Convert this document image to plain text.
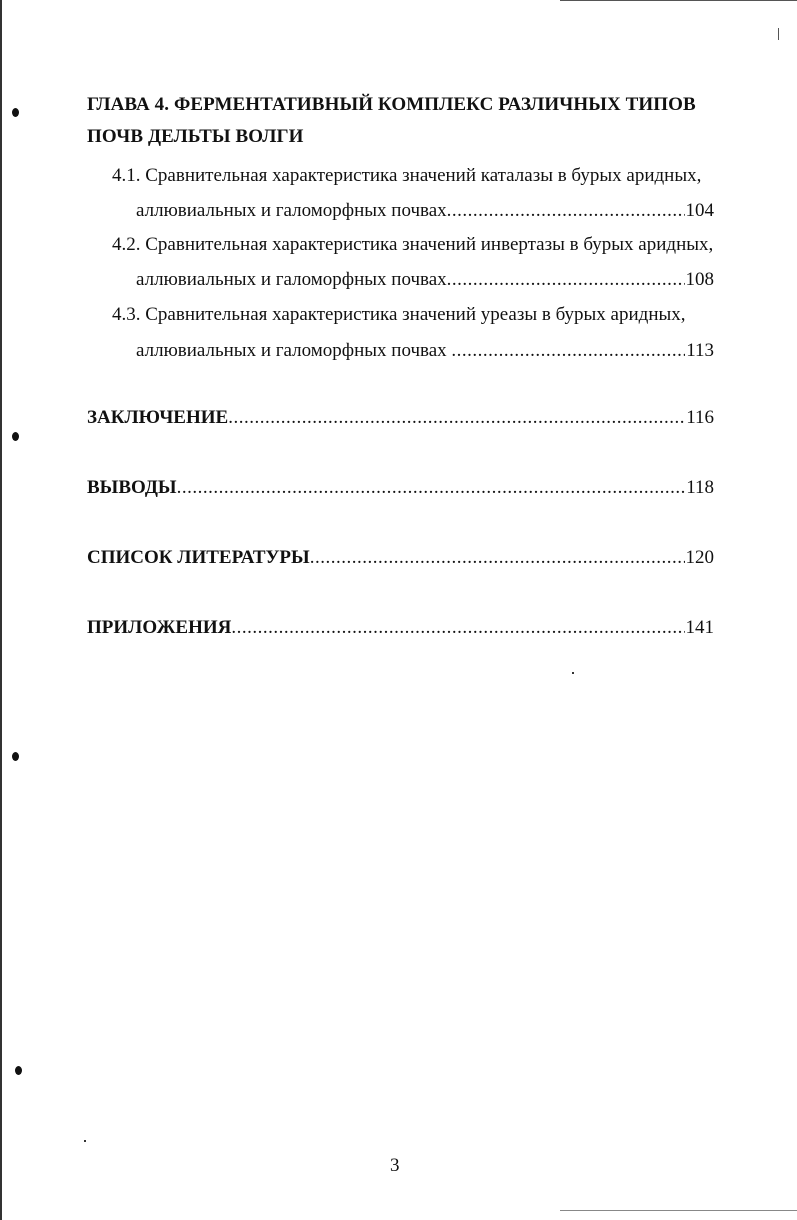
ГЛАВА 4. ФЕРМЕНТАТИВНЫЙ КОМПЛЕКС РАЗЛИЧНЫХ ТИПОВ
ПОЧВ ДЕЛЬТЫ ВОЛГИ
4.1. Сравнительная характеристика значений каталазы в бурых аридных,
аллювиальных и галоморфных почвах .....	104
4.2. Сравнительная характеристика значений инвертазы в бурых аридных,
аллювиальных и галоморфных почвах .....	108
4.3. Сравнительная характеристика значений уреазы в бурых аридных,
аллювиальных и галоморфных почвах .....	113
ЗАКЛЮЧЕНИЕ .....	116
ВЫВОДЫ .....	118
СПИСОК ЛИТЕРАТУРЫ .....	120
ПРИЛОЖЕНИЯ .....	141
3
